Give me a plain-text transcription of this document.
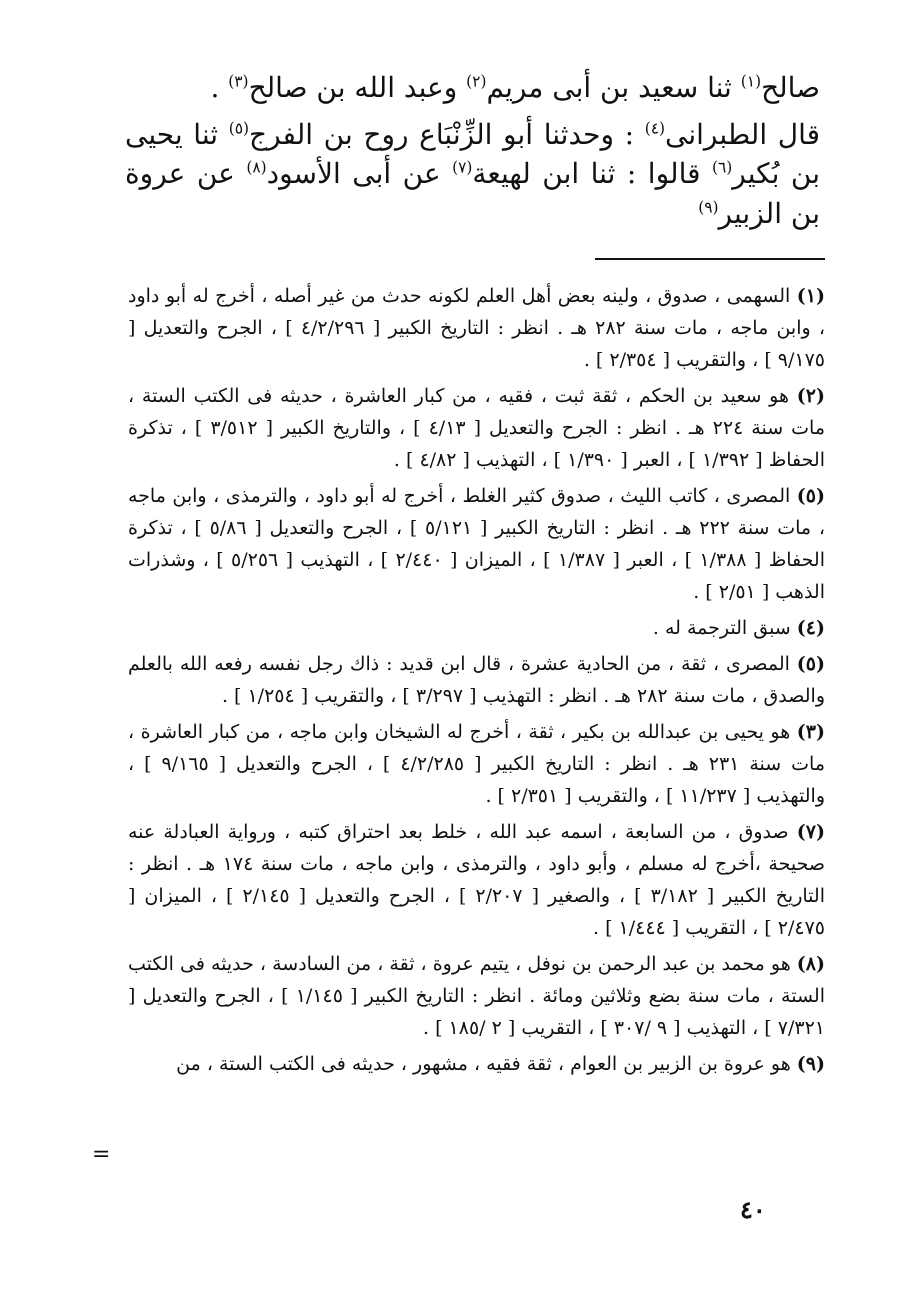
صالح$^{(١)}$ ثنا سعيد بن أبى مريم$^{(٢)}$ وعبد الله بن صالح$^{(٣)}$ .

قال الطبرانى$^{(٤)}$ : وحدثنا أبو الزِّنْبَاع روح بن الفرج$^{(٥)}$ ثنا يحيى بن بُكير$^{(٦)}$ قالوا : ثنا ابن لهيعة$^{(٧)}$ عن أبى الأسود$^{(٨)}$ عن عروة بن الزبير$^{(٩)}$

(١) السهمى ، صدوق ، ولينه بعض أهل العلم لكونه حدث من غير أصله ، أخرج له أبو داود ، وابن ماجه ، مات سنة ٢٨٢ هـ . انظر : التاريخ الكبير [ ٤/٢/٢٩٦ ] ، الجرح والتعديل [ ٩/١٧٥ ] ، والتقريب [ ٢/٣٥٤ ] .

(٢) هو سعيد بن الحكم ، ثقة ثبت ، فقيه ، من كبار العاشرة ، حديثه فى الكتب الستة ، مات سنة ٢٢٤ هـ . انظر : الجرح والتعديل [ ٤/١٣ ] ، والتاريخ الكبير [ ٣/٥١٢ ] ، تذكرة الحفاظ [ ١/٣٩٢ ] ، العبر [ ١/٣٩٠ ] ، التهذيب [ ٤/٨٢ ] .

(٥) المصرى ، كاتب الليث ، صدوق كثير الغلط ، أخرج له أبو داود ، والترمذى ، وابن ماجه ، مات سنة ٢٢٢ هـ . انظر : التاريخ الكبير [ ٥/١٢١ ] ، الجرح والتعديل [ ٥/٨٦ ] ، تذكرة الحفاظ [ ١/٣٨٨ ] ، العبر [ ١/٣٨٧ ] ، الميزان [ ٢/٤٤٠ ] ، التهذيب [ ٥/٢٥٦ ] ، وشذرات الذهب [ ٢/٥١ ] .

(٤) سبق الترجمة له .

(٥) المصرى ، ثقة ، من الحادية عشرة ، قال ابن قديد : ذاك رجل نفسه رفعه الله بالعلم والصدق ، مات سنة ٢٨٢ هـ . انظر : التهذيب [ ٣/٢٩٧ ] ، والتقريب [ ١/٢٥٤ ] .

(٣) هو يحيى بن عبدالله بن بكير ، ثقة ، أخرج له الشيخان وابن ماجه ، من كبار العاشرة ، مات سنة ٢٣١ هـ . انظر : التاريخ الكبير [ ٤/٢/٢٨٥ ] ، الجرح والتعديل [ ٩/١٦٥ ] ، والتهذيب [ ١١/٢٣٧ ] ، والتقريب [ ٢/٣٥١ ] .

(٧) صدوق ، من السابعة ، اسمه عبد الله ، خلط بعد احتراق كتبه ، ورواية العبادلة عنه صحيحة ،أخرج له مسلم ، وأبو داود ، والترمذى ، وابن ماجه ، مات سنة ١٧٤ هـ . انظر : التاريخ الكبير [ ٣/١٨٢ ] ، والصغير [ ٢/٢٠٧ ] ، الجرح والتعديل [ ٢/١٤٥ ] ، الميزان [ ٢/٤٧٥ ] ، التقريب [ ١/٤٤٤ ] .

(٨) هو محمد بن عبد الرحمن بن نوفل ، يتيم عروة ، ثقة ، من السادسة ، حديثه فى الكتب الستة ، مات سنة بضع وثلاثين ومائة . انظر : التاريخ الكبير [ ١/١٤٥ ] ، الجرح والتعديل [ ٧/٣٢١ ] ، التهذيب [ ٩ /٣٠٧ ] ، التقريب [ ٢ /١٨٥ ] .

(٩) هو عروة بن الزبير بن العوام ، ثقة فقيه ، مشهور ، حديثه فى الكتب الستة ، من

=
٤٠
